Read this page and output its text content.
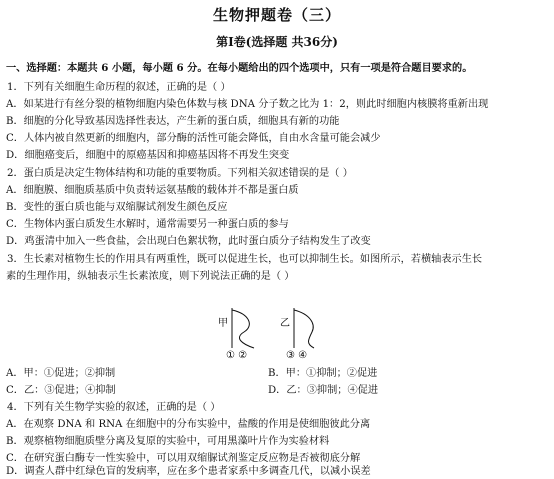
生物押题卷（三）
第Ⅰ卷(选择题 共36分)
一、选择题：本题共 6 小题，每小题 6 分。在每小题给出的四个选项中，只有一项是符合题目要求的。
1．下列有关细胞生命历程的叙述，正确的是（ ）
A．如某进行有丝分裂的植物细胞内染色体数与核 DNA 分子数之比为 1：2，则此时细胞内核膜将重新出现
B．细胞的分化导致基因选择性表达，产生新的蛋白质，细胞具有新的功能
C．人体内被自然更新的细胞内，部分酶的活性可能会降低，自由水含量可能会减少
D．细胞癌变后，细胞中的原癌基因和抑癌基因将不再发生突变
2．蛋白质是决定生物体结构和功能的重要物质。下列相关叙述错误的是（ ）
A．细胞膜、细胞质基质中负责转运氨基酸的载体并不都是蛋白质
B．变性的蛋白质也能与双缩脲试剂发生颜色反应
C．生物体内蛋白质发生水解时，通常需要另一种蛋白质的参与
D．鸡蛋清中加入一些食盐，会出现白色絮状物，此时蛋白质分子结构发生了改变
3．生长素对植物生长的作用具有两重性，既可以促进生长，也可以抑制生长。如图所示，若横轴表示生长
素的生理作用，纵轴表示生长素浓度，则下列说法正确的是（ ）
甲
① ②
乙
③ ④
A．甲：①促进；②抑制	B．甲：①抑制；②促进
C．乙：③促进；④抑制	D．乙：③抑制；④促进
4．下列有关生物学实验的叙述，正确的是（ ）
A．在观察 DNA 和 RNA 在细胞中的分布实验中，盐酸的作用是使细胞彼此分离
B．观察植物细胞质壁分离及复原的实验中，可用黑藻叶片作为实验材料
C．在研究蛋白酶专一性实验中，可以用双缩脲试剂鉴定反应物是否被彻底分解
D．调查人群中红绿色盲的发病率，应在多个患者家系中多调查几代，以减小误差
